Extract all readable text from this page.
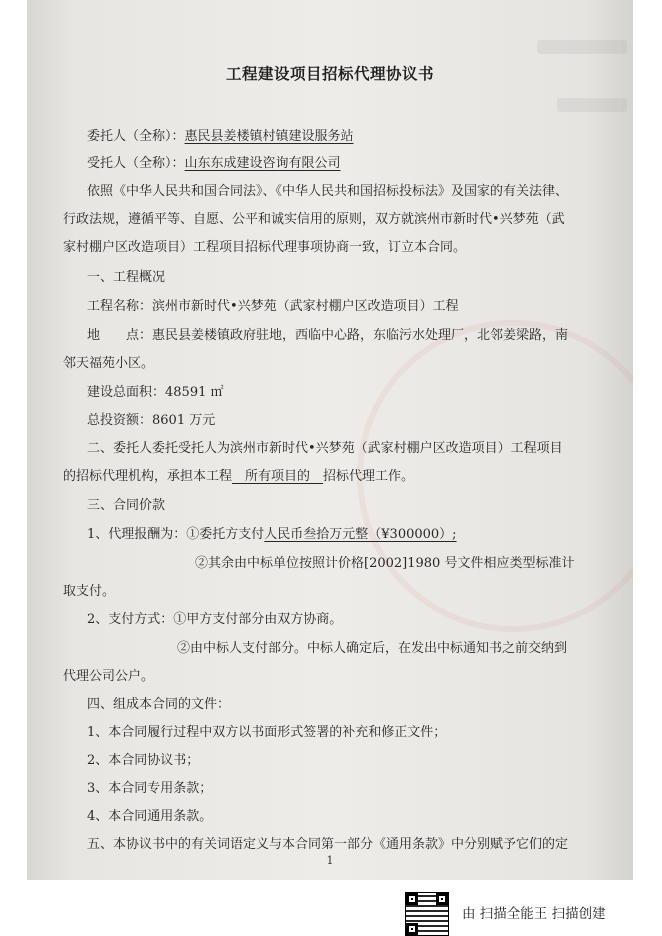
工程建设项目招标代理协议书
委托人（全称）：惠民县姜楼镇村镇建设服务站
受托人（全称）：山东东成建设咨询有限公司
依照《中华人民共和国合同法》、《中华人民共和国招标投标法》及国家的有关法律、
行政法规，遵循平等、自愿、公平和诚实信用的原则，双方就滨州市新时代•兴梦苑（武
家村棚户区改造项目）工程项目招标代理事项协商一致，订立本合同。
一、工程概况
工程名称：滨州市新时代•兴梦苑（武家村棚户区改造项目）工程
地　　点：惠民县姜楼镇政府驻地，西临中心路，东临污水处理厂，北邻姜梁路，南
邻天福苑小区。
建设总面积：48591 ㎡
总投资额：8601 万元
二、委托人委托受托人为滨州市新时代•兴梦苑（武家村棚户区改造项目）工程项目
的招标代理机构，承担本工程　所有项目的　招标代理工作。
三、合同价款
1、代理报酬为：①委托方支付人民币叁拾万元整（¥300000）;
②其余由中标单位按照计价格[2002]1980 号文件相应类型标准计
取支付。
2、支付方式：①甲方支付部分由双方协商。
②由中标人支付部分。中标人确定后，在发出中标通知书之前交纳到
代理公司公户。
四、组成本合同的文件：
1、本合同履行过程中双方以书面形式签署的补充和修正文件；
2、本合同协议书；
3、本合同专用条款；
4、本合同通用条款。
五、本协议书中的有关词语定义与本合同第一部分《通用条款》中分别赋予它们的定
1
由 扫描全能王 扫描创建
